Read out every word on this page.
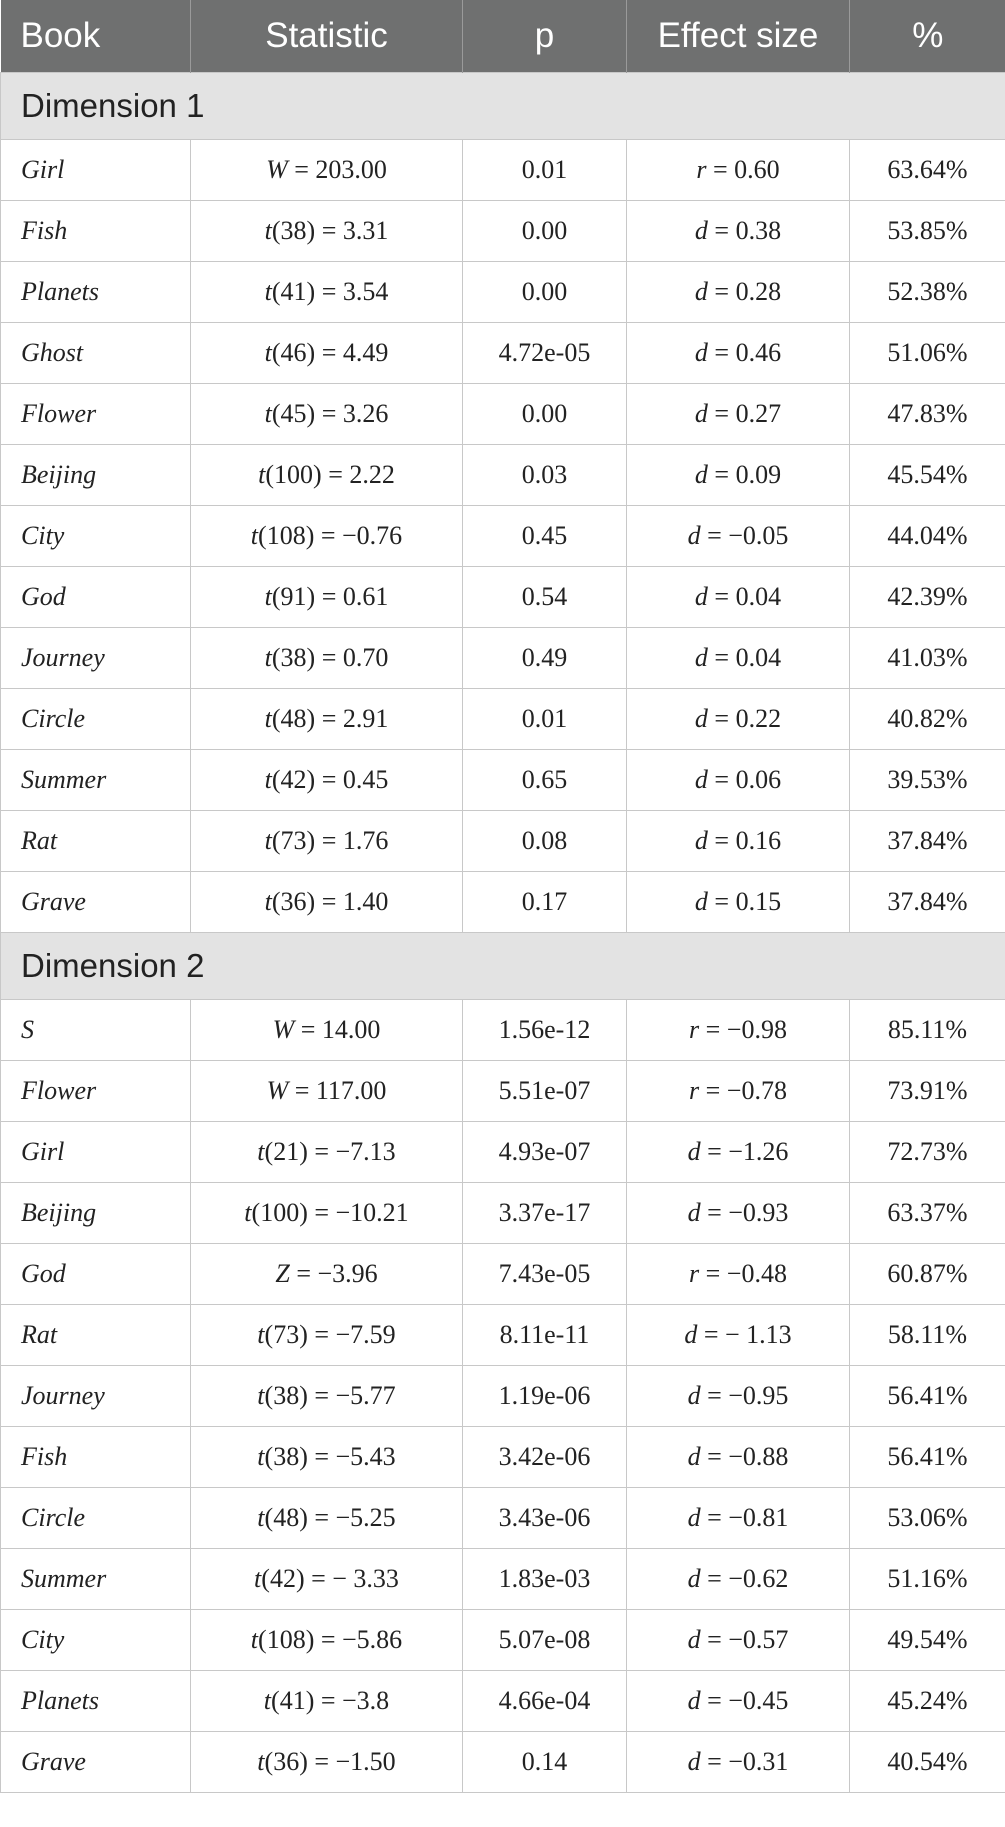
Book	Statistic	p	Effect size	%
Dimension 1				
Girl	W = 203.00	0.01	r = 0.60	63.64%
Fish	t(38) = 3.31	0.00	d = 0.38	53.85%
Planets	t(41) = 3.54	0.00	d = 0.28	52.38%
Ghost	t(46) = 4.49	4.72e-05	d = 0.46	51.06%
Flower	t(45) = 3.26	0.00	d = 0.27	47.83%
Beijing	t(100) = 2.22	0.03	d = 0.09	45.54%
City	t(108) = −0.76	0.45	d = −0.05	44.04%
God	t(91) = 0.61	0.54	d = 0.04	42.39%
Journey	t(38) = 0.70	0.49	d = 0.04	41.03%
Circle	t(48) = 2.91	0.01	d = 0.22	40.82%
Summer	t(42) = 0.45	0.65	d = 0.06	39.53%
Rat	t(73) = 1.76	0.08	d = 0.16	37.84%
Grave	t(36) = 1.40	0.17	d = 0.15	37.84%
Dimension 2				
S	W = 14.00	1.56e-12	r = −0.98	85.11%
Flower	W = 117.00	5.51e-07	r = −0.78	73.91%
Girl	t(21) = −7.13	4.93e-07	d = −1.26	72.73%
Beijing	t(100) = −10.21	3.37e-17	d = −0.93	63.37%
God	Z = −3.96	7.43e-05	r = −0.48	60.87%
Rat	t(73) = −7.59	8.11e-11	d = − 1.13	58.11%
Journey	t(38) = −5.77	1.19e-06	d = −0.95	56.41%
Fish	t(38) = −5.43	3.42e-06	d = −0.88	56.41%
Circle	t(48) = −5.25	3.43e-06	d = −0.81	53.06%
Summer	t(42) = − 3.33	1.83e-03	d = −0.62	51.16%
City	t(108) = −5.86	5.07e-08	d = −0.57	49.54%
Planets	t(41) = −3.8	4.66e-04	d = −0.45	45.24%
Grave	t(36) = −1.50	0.14	d = −0.31	40.54%
